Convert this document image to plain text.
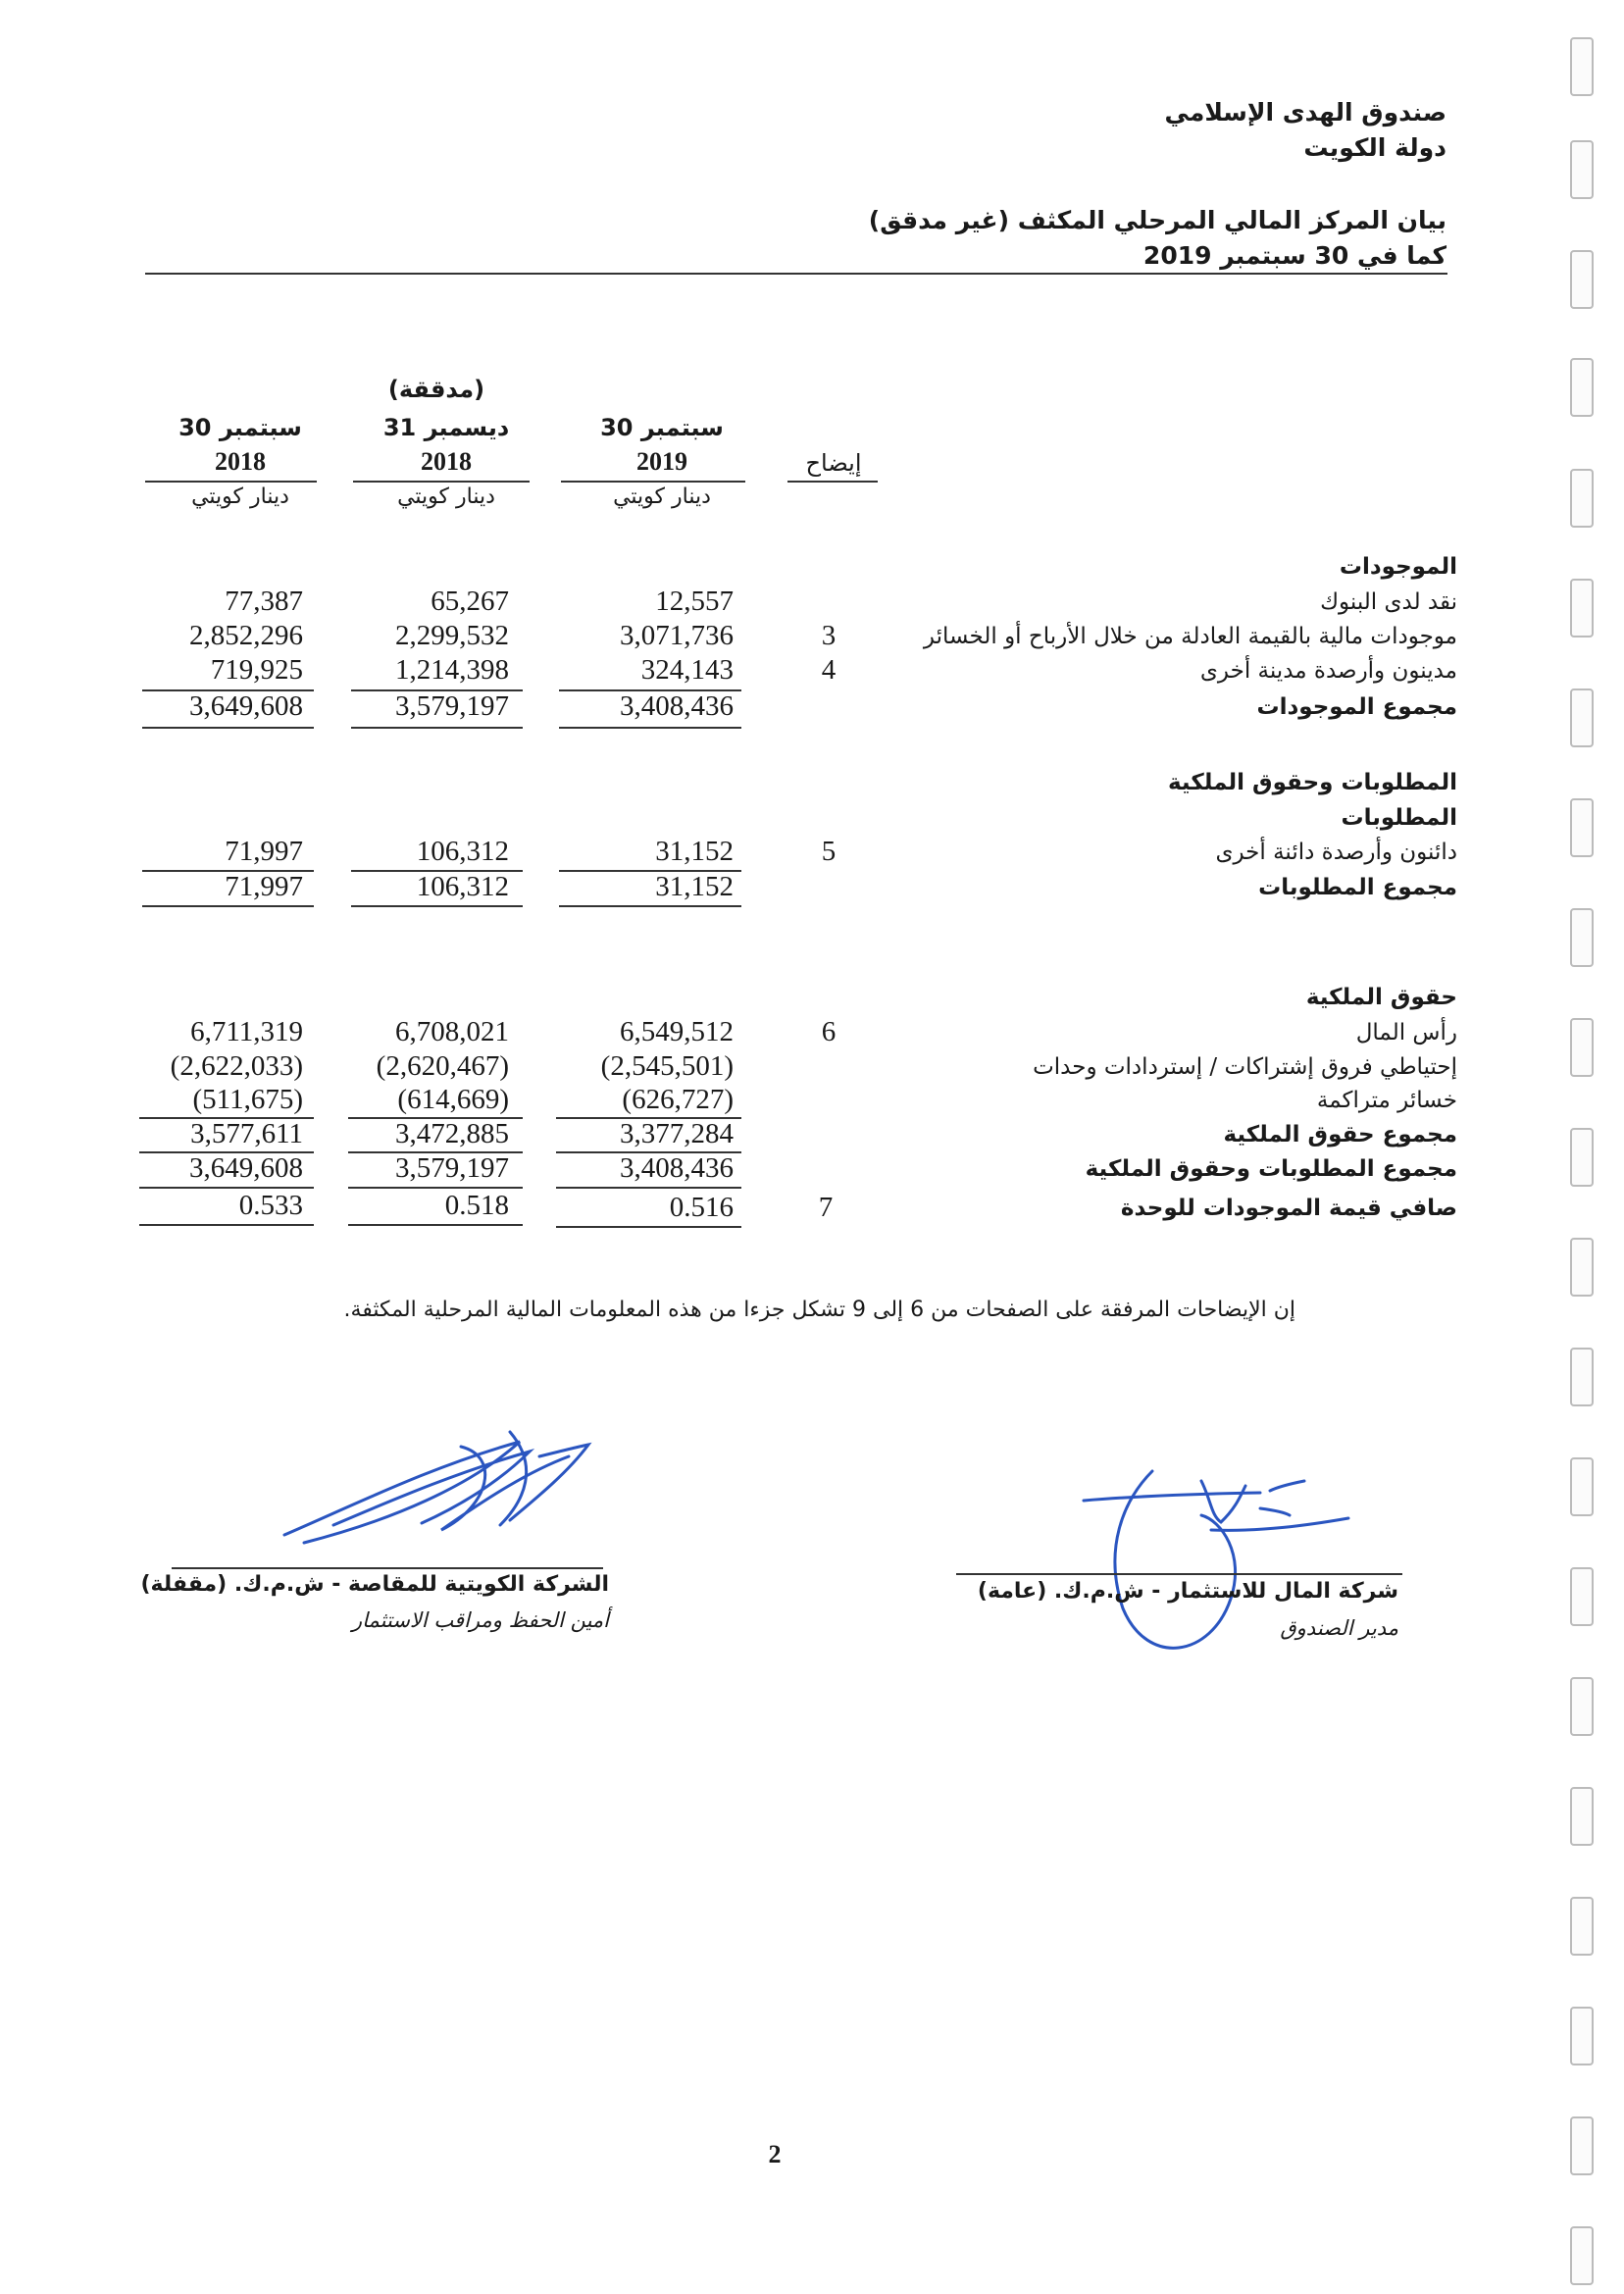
صندوق الهدى الإسلامي
دولة الكويت
بيان المركز المالي المرحلي المكثف (غير مدقق)
كما في 30 سبتمبر 2019
(مدققة)
30 سبتمبر
31 ديسمبر
30 سبتمبر
2019
2018
2018
دينار كويتي
دينار كويتي
دينار كويتي
إيضاح
الموجودات
نقد لدى البنوك
12,557
65,267
77,387
موجودات مالية بالقيمة العادلة من خلال الأرباح أو الخسائر
3
3,071,736
2,299,532
2,852,296
مدينون وأرصدة مدينة أخرى
4
324,143
1,214,398
719,925
مجموع الموجودات
3,408,436
3,579,197
3,649,608
المطلوبات وحقوق الملكية
المطلوبات
دائنون وأرصدة دائنة أخرى
5
31,152
106,312
71,997
مجموع المطلوبات
31,152
106,312
71,997
حقوق الملكية
رأس المال
6
6,549,512
6,708,021
6,711,319
إحتياطي فروق إشتراكات / إستردادات وحدات
(2,545,501)
(2,620,467)
(2,622,033)
خسائر متراكمة
(626,727)
(614,669)
(511,675)
مجموع حقوق الملكية
3,377,284
3,472,885
3,577,611
مجموع المطلوبات وحقوق الملكية
3,408,436
3,579,197
3,649,608
صافي قيمة الموجودات للوحدة
7
0.516
0.518
0.533
إن الإيضاحات المرفقة على الصفحات من 6 إلى 9 تشكل جزءا من هذه المعلومات المالية المرحلية المكثفة.
الشركة الكويتية للمقاصة - ش.م.ك. (مقفلة)
أمين الحفظ ومراقب الاستثمار
شركة المال للاستثمار - ش.م.ك. (عامة)
مدير الصندوق
2
